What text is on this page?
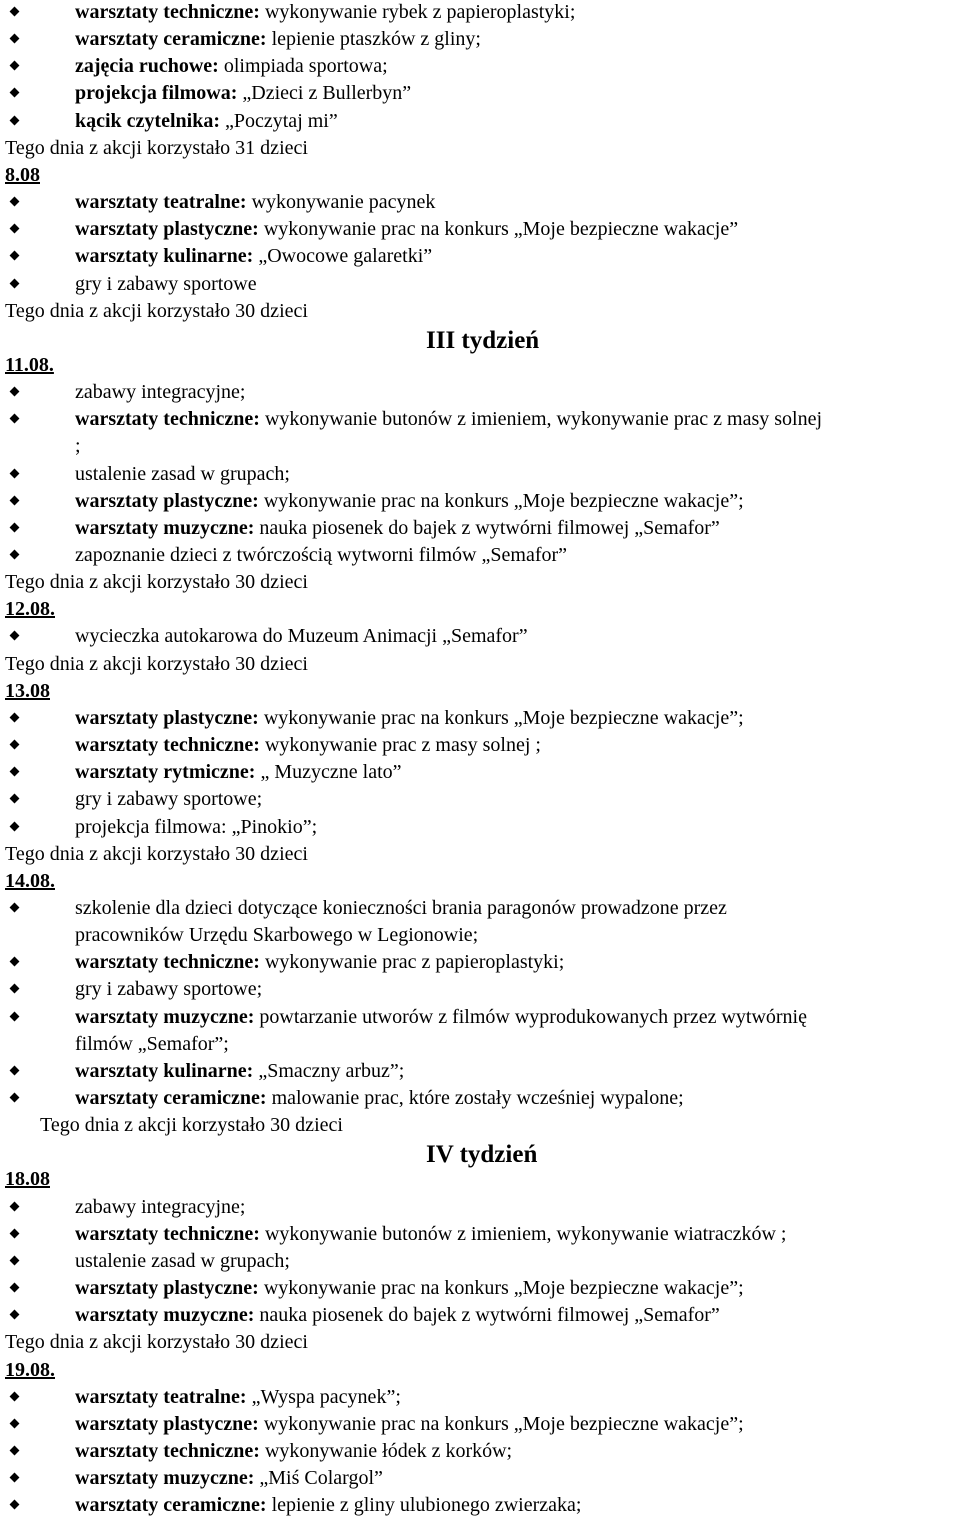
warsztaty techniczne: wykonywanie rybek z papieroplastyki;
warsztaty ceramiczne: lepienie ptaszków z gliny;
zajęcia ruchowe: olimpiada sportowa;
projekcja filmowa: „Dzieci z Bullerbyn”
kącik czytelnika: „Poczytaj mi”
Tego dnia z akcji korzystało 31 dzieci
8.08
warsztaty teatralne: wykonywanie pacynek
warsztaty plastyczne: wykonywanie prac na konkurs „Moje bezpieczne wakacje”
warsztaty kulinarne: „Owocowe galaretki”
gry i zabawy sportowe
Tego dnia z akcji korzystało 30 dzieci
III tydzień
11.08.
zabawy integracyjne;
warsztaty techniczne: wykonywanie butonów z imieniem, wykonywanie prac z masy solnej
;
ustalenie zasad w grupach;
warsztaty plastyczne: wykonywanie prac na konkurs „Moje bezpieczne wakacje”;
warsztaty muzyczne: nauka piosenek do bajek z wytwórni filmowej „Semafor”
zapoznanie dzieci z twórczością wytworni filmów „Semafor”
Tego dnia z akcji korzystało 30 dzieci
12.08.
wycieczka autokarowa do Muzeum Animacji „Semafor”
Tego dnia z akcji korzystało 30 dzieci
13.08
warsztaty plastyczne: wykonywanie prac na konkurs „Moje bezpieczne wakacje”;
warsztaty techniczne: wykonywanie prac z masy solnej ;
warsztaty rytmiczne: „ Muzyczne lato”
gry i zabawy sportowe;
projekcja filmowa: „Pinokio”;
Tego dnia z akcji korzystało 30 dzieci
14.08.
szkolenie dla dzieci dotyczące konieczności brania paragonów prowadzone przez
pracowników Urzędu Skarbowego w Legionowie;
warsztaty techniczne: wykonywanie prac z papieroplastyki;
gry i zabawy sportowe;
warsztaty muzyczne: powtarzanie utworów z filmów wyprodukowanych przez wytwórnię
filmów „Semafor”;
warsztaty kulinarne: „Smaczny arbuz”;
warsztaty ceramiczne: malowanie prac, które zostały wcześniej wypalone;
Tego dnia z akcji korzystało 30 dzieci
IV tydzień
18.08
zabawy integracyjne;
warsztaty techniczne: wykonywanie butonów z imieniem, wykonywanie wiatraczków ;
ustalenie zasad w grupach;
warsztaty plastyczne: wykonywanie prac na konkurs „Moje bezpieczne wakacje”;
warsztaty muzyczne: nauka piosenek do bajek z wytwórni filmowej „Semafor”
Tego dnia z akcji korzystało 30 dzieci
19.08.
warsztaty teatralne: „Wyspa pacynek”;
warsztaty plastyczne: wykonywanie prac na konkurs „Moje bezpieczne wakacje”;
warsztaty techniczne: wykonywanie łódek z korków;
warsztaty muzyczne: „Miś Colargol”
warsztaty ceramiczne: lepienie z gliny ulubionego zwierzaka;
